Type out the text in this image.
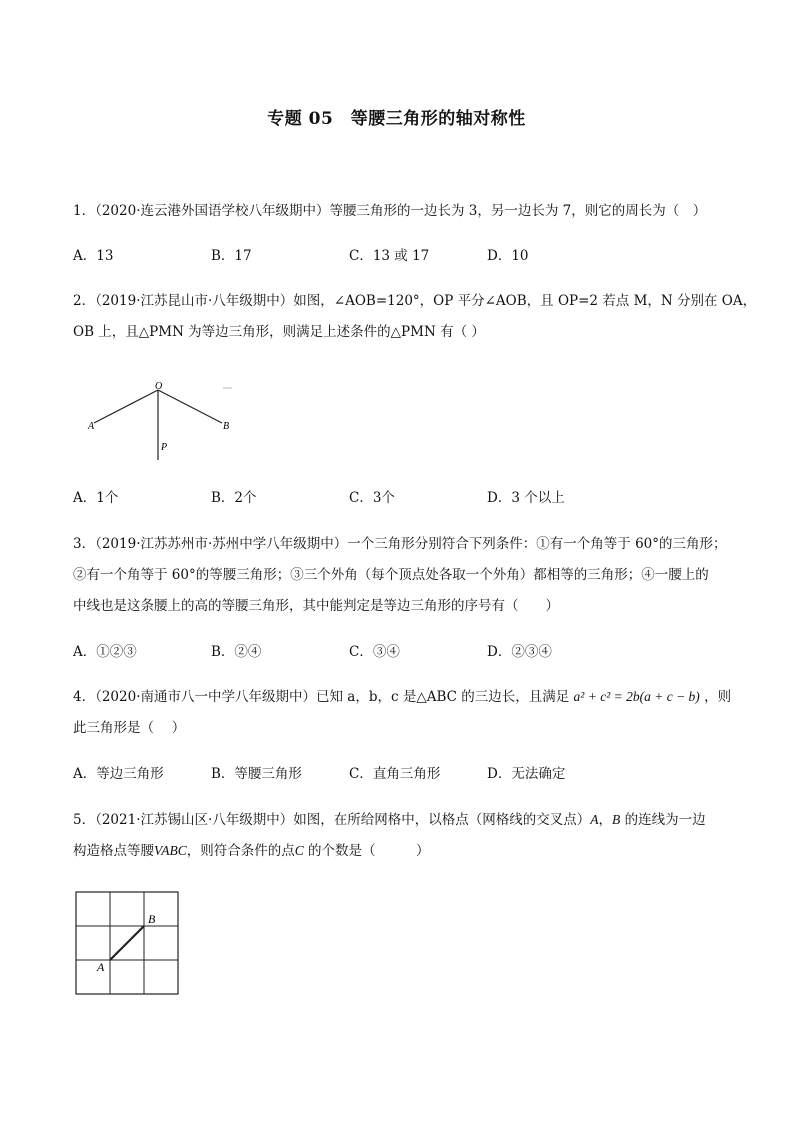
专题 05　等腰三角形的轴对称性
1．（2020·连云港外国语学校八年级期中）等腰三角形的一边长为 3，另一边长为 7，则它的周长为（　）
A．13	B．17	C．13 或 17	D．10
2．（2019·江苏昆山市·八年级期中）如图，∠AOB=120°，OP 平分∠AOB，且 OP=2 若点 M，N 分别在 OA，
OB 上，且△PMN 为等边三角形，则满足上述条件的△PMN 有（ ）
O
A	B
P
A．1个	B．2个	C．3个	D．3 个以上
3．（2019·江苏苏州市·苏州中学八年级期中）一个三角形分别符合下列条件：①有一个角等于 60°的三角形；
②有一个角等于 60°的等腰三角形；③三个外角（每个顶点处各取一个外角）都相等的三角形；④一腰上的
中线也是这条腰上的高的等腰三角形，其中能判定是等边三角形的序号有（　　）
A．①②③	B．②④	C．③④	D．②③④
4．（2020·南通市八一中学八年级期中）已知 a，b，c 是△ABC 的三边长，且满足 a² + c² = 2b(a + c − b) ，则
此三角形是（　 ）
A．等边三角形	B．等腰三角形	C．直角三角形	D．无法确定
5．（2021·江苏锡山区·八年级期中）如图，在所给网格中，以格点（网格线的交叉点）A，B 的连线为一边
构造格点等腰VABC，则符合条件的点C 的个数是（　　　）
B
A
